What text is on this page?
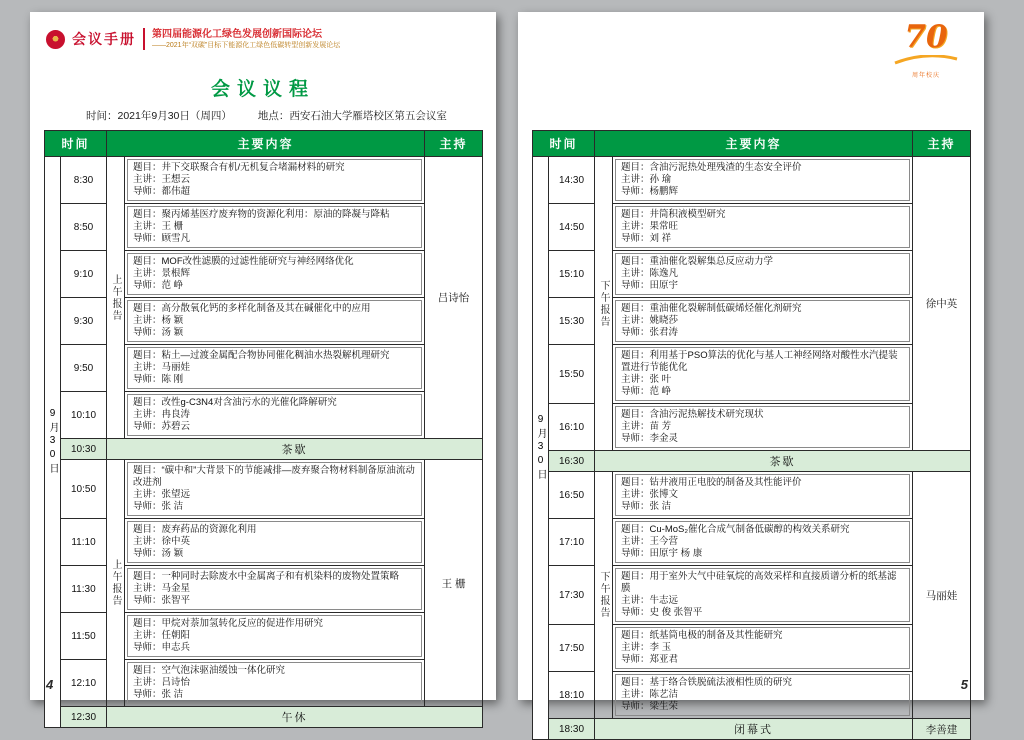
会议手册 第四届能源化工绿色发展创新国际论坛
——2021年“双碳”目标下能源化工绿色低碳转型创新发展论坛
会议议程
时间：2021年9月30日（周四） 地点：西安石油大学雁塔校区第五会议室
时间		主要内容		主持
9月30日	8:30	上午报告	题目：井下交联聚合有机/无机复合堵漏材料的研究
主讲：王想云
导师：都伟超	吕诗怡
	8:50		题目：聚丙烯基医疗废弃物的资源化利用：原油的降凝与降粘
主讲：王 栅
导师：顾雪凡	

	9:10		题目：MOF改性滤膜的过滤性能研究与神经网络优化
主讲：景根辉
导师：范 峥	

	9:30		题目：高分散氧化钙的多样化制备及其在碱催化中的应用
主讲：杨 颖
导师：汤 颖	

	9:50		题目：粘土—过渡金属配合物协同催化稠油水热裂解机理研究
主讲：马丽娃
导师：陈 刚	

	10:10		题目：改性g-C3N4对含油污水的光催化降解研究
主讲：冉良涛
导师：苏碧云	

	10:30	茶歇		
	10:50	上午报告	题目：“碳中和”大背景下的节能减排—废弃聚合物材料制备原油流动改进剂
主讲：张望远
导师：张 洁	王 栅
	11:10		题目：废弃药品的资源化利用
主讲：徐中英
导师：汤 颖	

	11:30		题目：一种同时去除废水中金属离子和有机染料的废物处置策略
主讲：马金星
导师：张智平	

	11:50		题目：甲烷对萘加氢转化反应的促进作用研究
主讲：任朝阳
导师：申志兵	

	12:10		题目：空气泡沫驱油缓蚀一体化研究
主讲：吕诗怡
导师：张 洁	

	12:30	午休		
4
70
周年校庆
时间		主要内容		主持
9月30日	14:30	下午报告	题目：含油污泥热处理残渣的生态安全评价
主讲：孙 瑜
导师：杨鹏辉	徐中英
	14:50		题目：井筒积液模型研究
主讲：果常旺
导师：刘 祥	

	15:10		题目：重油催化裂解集总反应动力学
主讲：陈逸凡
导师：田原宇	

	15:30		题目：重油催化裂解制低碳烯烃催化剂研究
主讲：姚晓莎
导师：张君涛	

	15:50		题目：利用基于PSO算法的优化与基人工神经网络对酸性水汽提装置进行节能优化
主讲：张 叶
导师：范 峥	

	16:10		题目：含油污泥热解技术研究现状
主讲：苗 芳
导师：李金灵	

	16:30	茶歇		
	16:50	下午报告	题目：钻井液用正电胶的制备及其性能评价
主讲：张博文
导师：张 洁	马丽娃
	17:10		题目：Cu-MoS₂催化合成气制备低碳醇的构效关系研究
主讲：王今营
导师：田原宇 杨 康	

	17:30		题目：用于室外大气中硅氧烷的高效采样和直接质谱分析的纸基滤膜
主讲：牛志远
导师：史 俊 张智平	

	17:50		题目：纸基筒电极的制备及其性能研究
主讲：李 玉
导师：郑亚君	

	18:10		题目：基于络合铁脱硫法液相性质的研究
主讲：陈艺洁
导师：梁生荣	

	18:30	闭幕式		李善建
5
